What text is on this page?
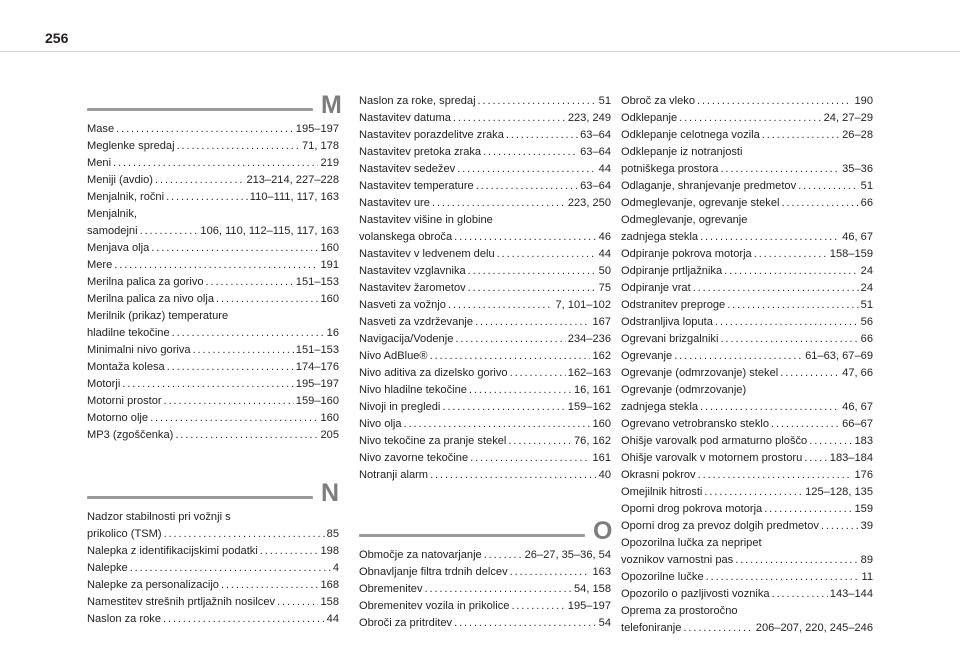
256
M
Mase . . .	195–197
Meglenke spredaj . . .	71, 178
Meni . . .	219
Meniji (avdio) . . .	213–214, 227–228
Menjalnik, ročni . . .	110–111, 117, 163
Menjalnik,
samodejni . . .	106, 110, 112–115, 117, 163
Menjava olja . . .	160
Mere . . .	191
Merilna palica za gorivo . . .	151–153
Merilna palica za nivo olja . . .	160
Merilnik (prikaz) temperature
hladilne tekočine . . .	16
Minimalni nivo goriva . . .	151–153
Montaža kolesa . . .	174–176
Motorji . . .	195–197
Motorni prostor . . .	159–160
Motorno olje . . .	160
MP3 (zgoščenka) . . .	205
N
Nadzor stabilnosti pri vožnji s
prikolico (TSM) . . .	85
Nalepka z identifikacijskimi podatki . . .	198
Nalepke . . .	4
Nalepke za personalizacijo . . .	168
Namestitev strešnih prtljažnih nosilcev . . .	158
Naslon za roke . . .	44
Naslon za roke, spredaj . . .	51
Nastavitev datuma . . .	223, 249
Nastavitev porazdelitve zraka . . .	63–64
Nastavitev pretoka zraka . . .	63–64
Nastavitev sedežev . . .	44
Nastavitev temperature . . .	63–64
Nastavitev ure . . .	223, 250
Nastavitev višine in globine
volanskega obroča . . .	46
Nastavitev v ledvenem delu . . .	44
Nastavitev vzglavnika . . .	50
Nastavitev žarometov . . .	75
Nasveti za vožnjo . . .	7, 101–102
Nasveti za vzdrževanje . . .	167
Navigacija/Vodenje . . .	234–236
Nivo AdBlue® . . .	162
Nivo aditiva za dizelsko gorivo . . .	162–163
Nivo hladilne tekočine . . .	16, 161
Nivoji in pregledi . . .	159–162
Nivo olja . . .	160
Nivo tekočine za pranje stekel . . .	76, 162
Nivo zavorne tekočine . . .	161
Notranji alarm . . .	40
O
Območje za natovarjanje . . .	26–27, 35–36, 54
Obnavljanje filtra trdnih delcev . . .	163
Obremenitev . . .	54, 158
Obremenitev vozila in prikolice . . .	195–197
Obroči za pritrditev . . .	54
Obroč za vleko . . .	190
Odklepanje . . .	24, 27–29
Odklepanje celotnega vozila . . .	26–28
Odklepanje iz notranjosti
potniškega prostora . . .	35–36
Odlaganje, shranjevanje predmetov . . .	51
Odmeglevanje, ogrevanje stekel . . .	66
Odmeglevanje, ogrevanje
zadnjega stekla . . .	46, 67
Odpiranje pokrova motorja . . .	158–159
Odpiranje prtljažnika . . .	24
Odpiranje vrat . . .	24
Odstranitev preproge . . .	51
Odstranljiva loputa . . .	56
Ogrevani brizgalniki . . .	66
Ogrevanje . . .	61–63, 67–69
Ogrevanje (odmrzovanje) stekel . . .	47, 66
Ogrevanje (odmrzovanje)
zadnjega stekla . . .	46, 67
Ogrevano vetrobransko steklo . . .	66–67
Ohišje varovalk pod armaturno ploščo . . .	183
Ohišje varovalk v motornem prostoru . . . 183–184
Okrasni pokrov . . .	176
Omejilnik hitrosti . . .	125–128, 135
Oporni drog pokrova motorja . . .	159
Oporni drog za prevoz dolgih predmetov . . .	39
Opozorilna lučka za nepripet
voznikov varnostni pas . . .	89
Opozorilne lučke . . .	11
Opozorilo o pazljivosti voznika . . .	143–144
Oprema za prostoročno
telefoniranje . . .	206–207, 220, 245–246
